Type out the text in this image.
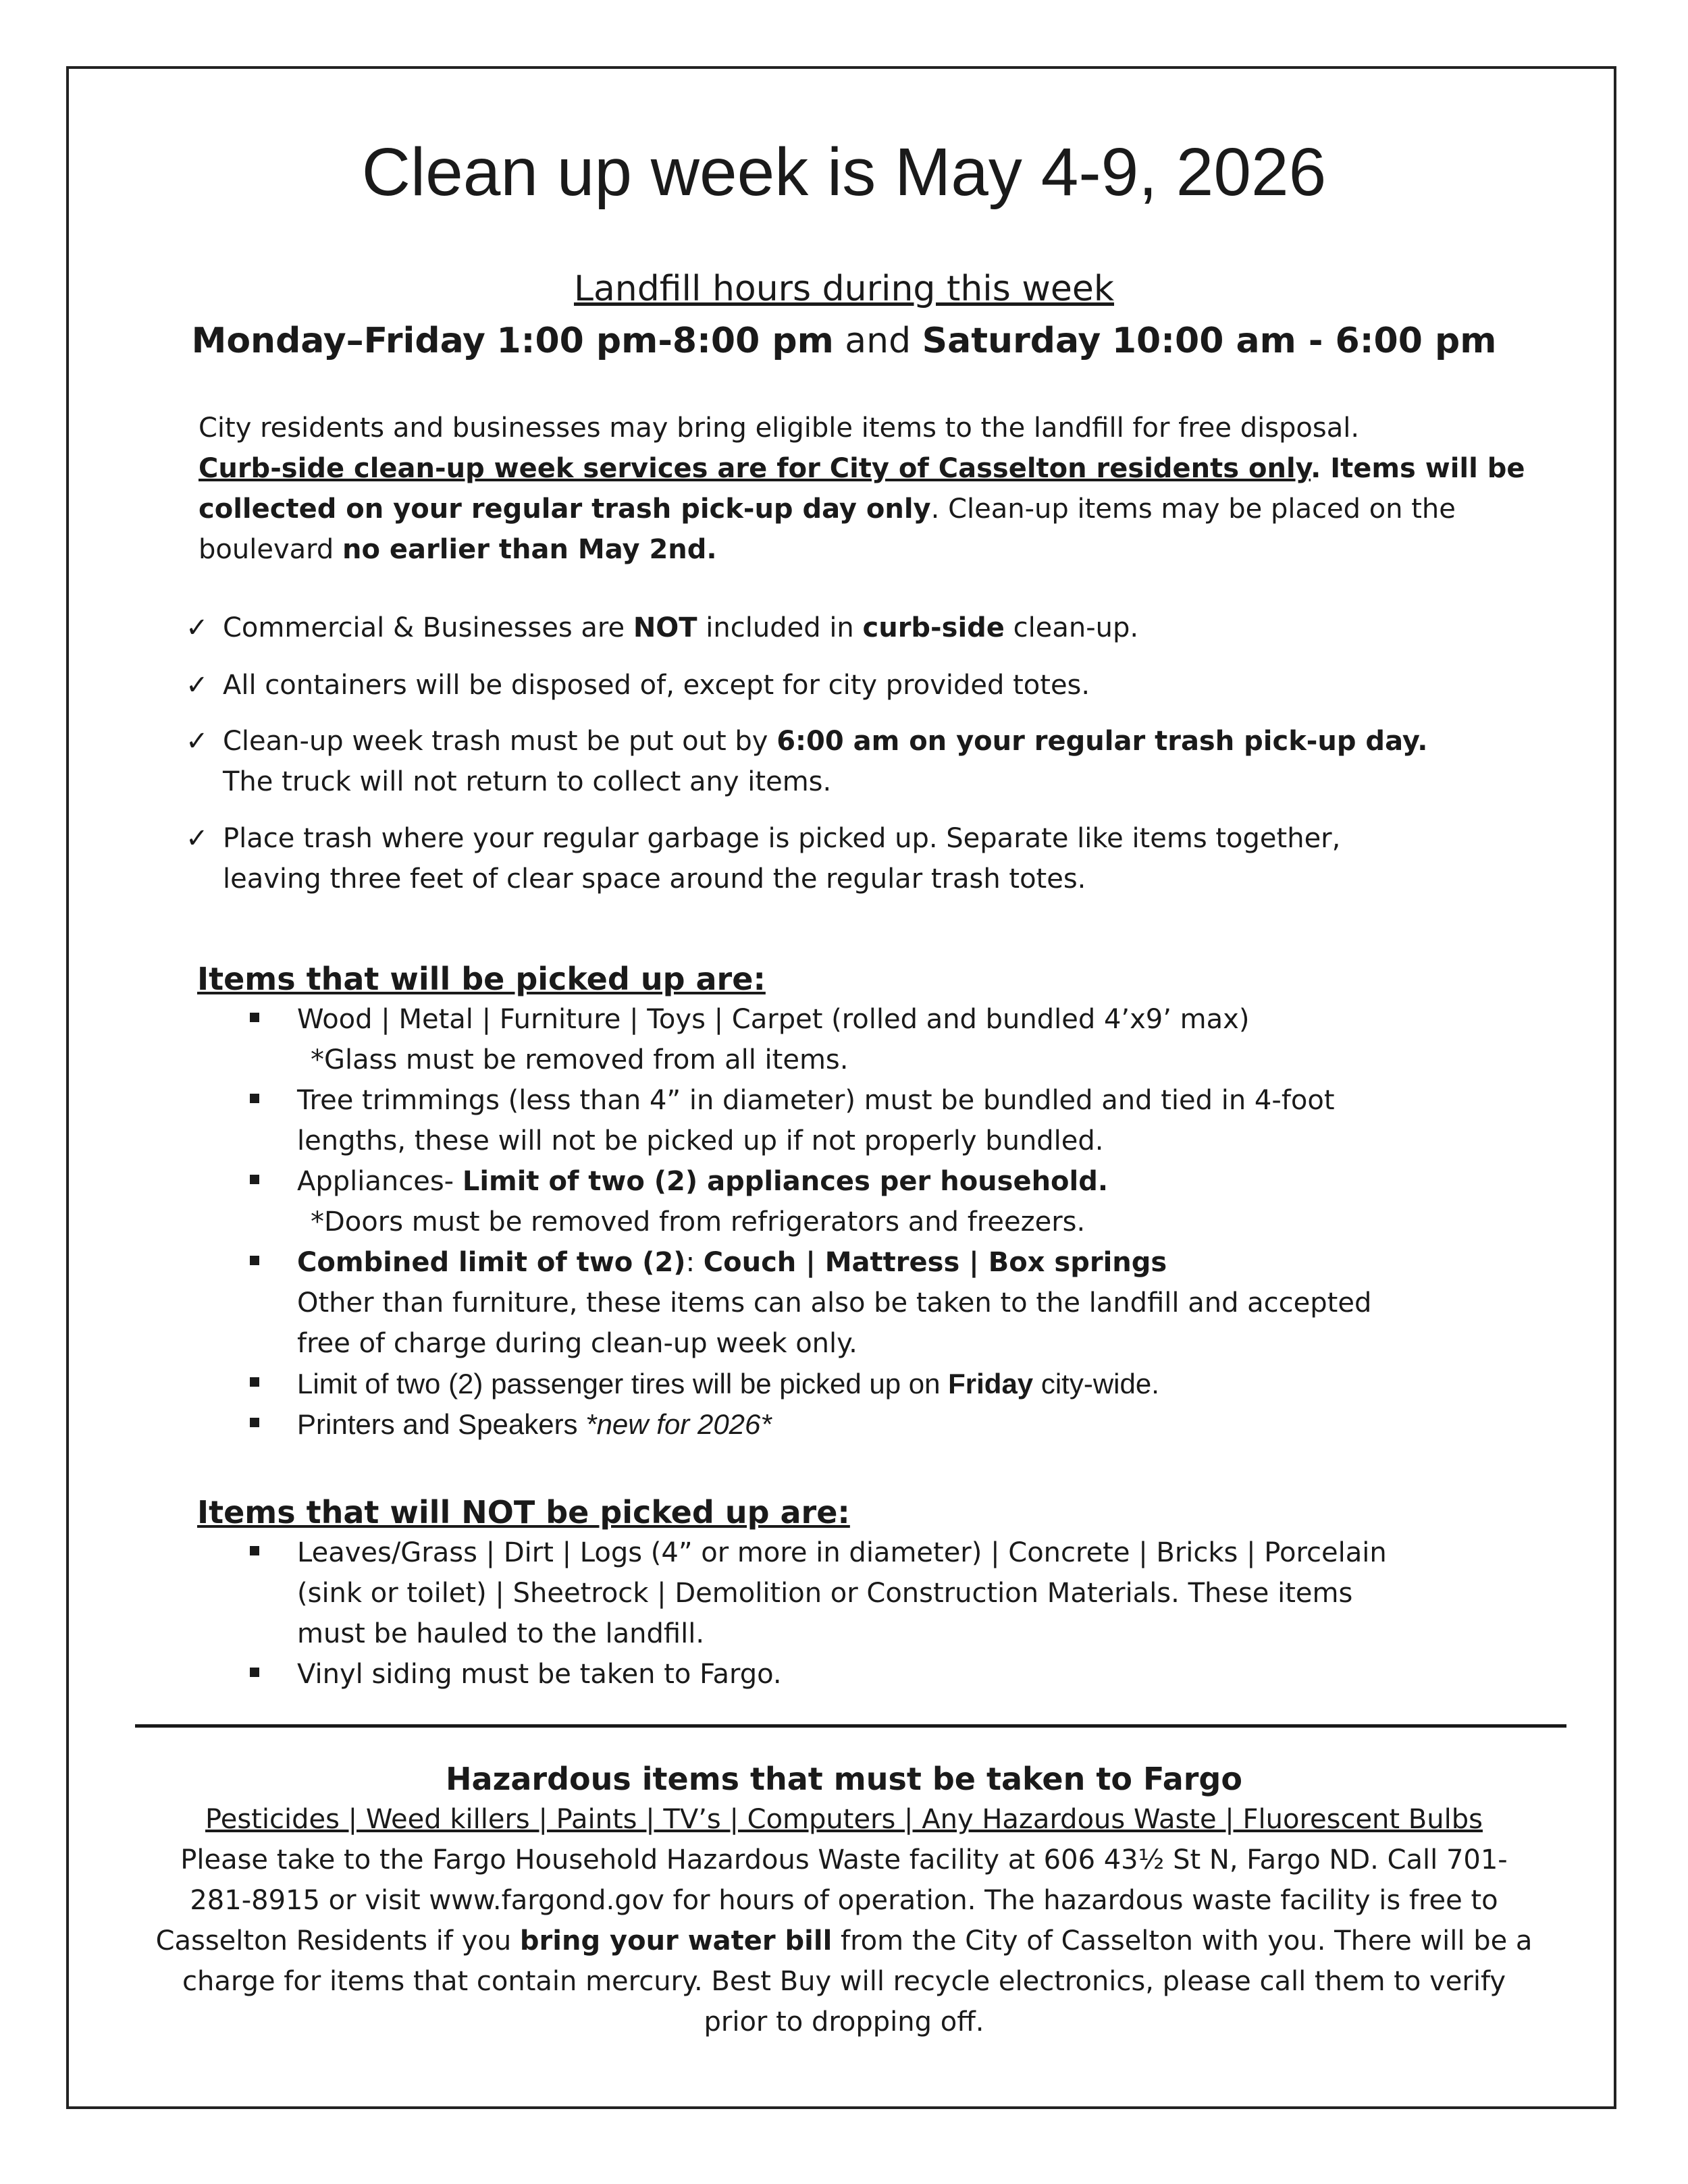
Clean up week is May 4-9, 2026
Landfill hours during this week
Monday–Friday 1:00 pm-8:00 pm and Saturday 10:00 am - 6:00 pm
City residents and businesses may bring eligible items to the landfill for free disposal.
Curb-side clean-up week services are for City of Casselton residents only. Items will be
collected on your regular trash pick-up day only. Clean-up items may be placed on the
boulevard no earlier than May 2nd.
✓ Commercial & Businesses are NOT included in curb-side clean-up.
✓ All containers will be disposed of, except for city provided totes.
✓ Clean-up week trash must be put out by 6:00 am on your regular trash pick-up day.
The truck will not return to collect any items.
✓ Place trash where your regular garbage is picked up. Separate like items together,
leaving three feet of clear space around the regular trash totes.
Items that will be picked up are:
Wood | Metal | Furniture | Toys | Carpet (rolled and bundled 4’x9’ max)
*Glass must be removed from all items.
Tree trimmings (less than 4” in diameter) must be bundled and tied in 4-foot
lengths, these will not be picked up if not properly bundled.
Appliances- Limit of two (2) appliances per household.
*Doors must be removed from refrigerators and freezers.
Combined limit of two (2): Couch | Mattress | Box springs
Other than furniture, these items can also be taken to the landfill and accepted
free of charge during clean-up week only.
Limit of two (2) passenger tires will be picked up on Friday city-wide.
Printers and Speakers *new for 2026*
Items that will NOT be picked up are:
Leaves/Grass | Dirt | Logs (4” or more in diameter) | Concrete | Bricks | Porcelain
(sink or toilet) | Sheetrock | Demolition or Construction Materials. These items
must be hauled to the landfill.
Vinyl siding must be taken to Fargo.
Hazardous items that must be taken to Fargo
Pesticides | Weed killers | Paints | TV’s | Computers | Any Hazardous Waste | Fluorescent Bulbs
Please take to the Fargo Household Hazardous Waste facility at 606 43½ St N, Fargo ND. Call 701-
281-8915 or visit www.fargond.gov for hours of operation. The hazardous waste facility is free to
Casselton Residents if you bring your water bill from the City of Casselton with you. There will be a
charge for items that contain mercury. Best Buy will recycle electronics, please call them to verify
prior to dropping off.
